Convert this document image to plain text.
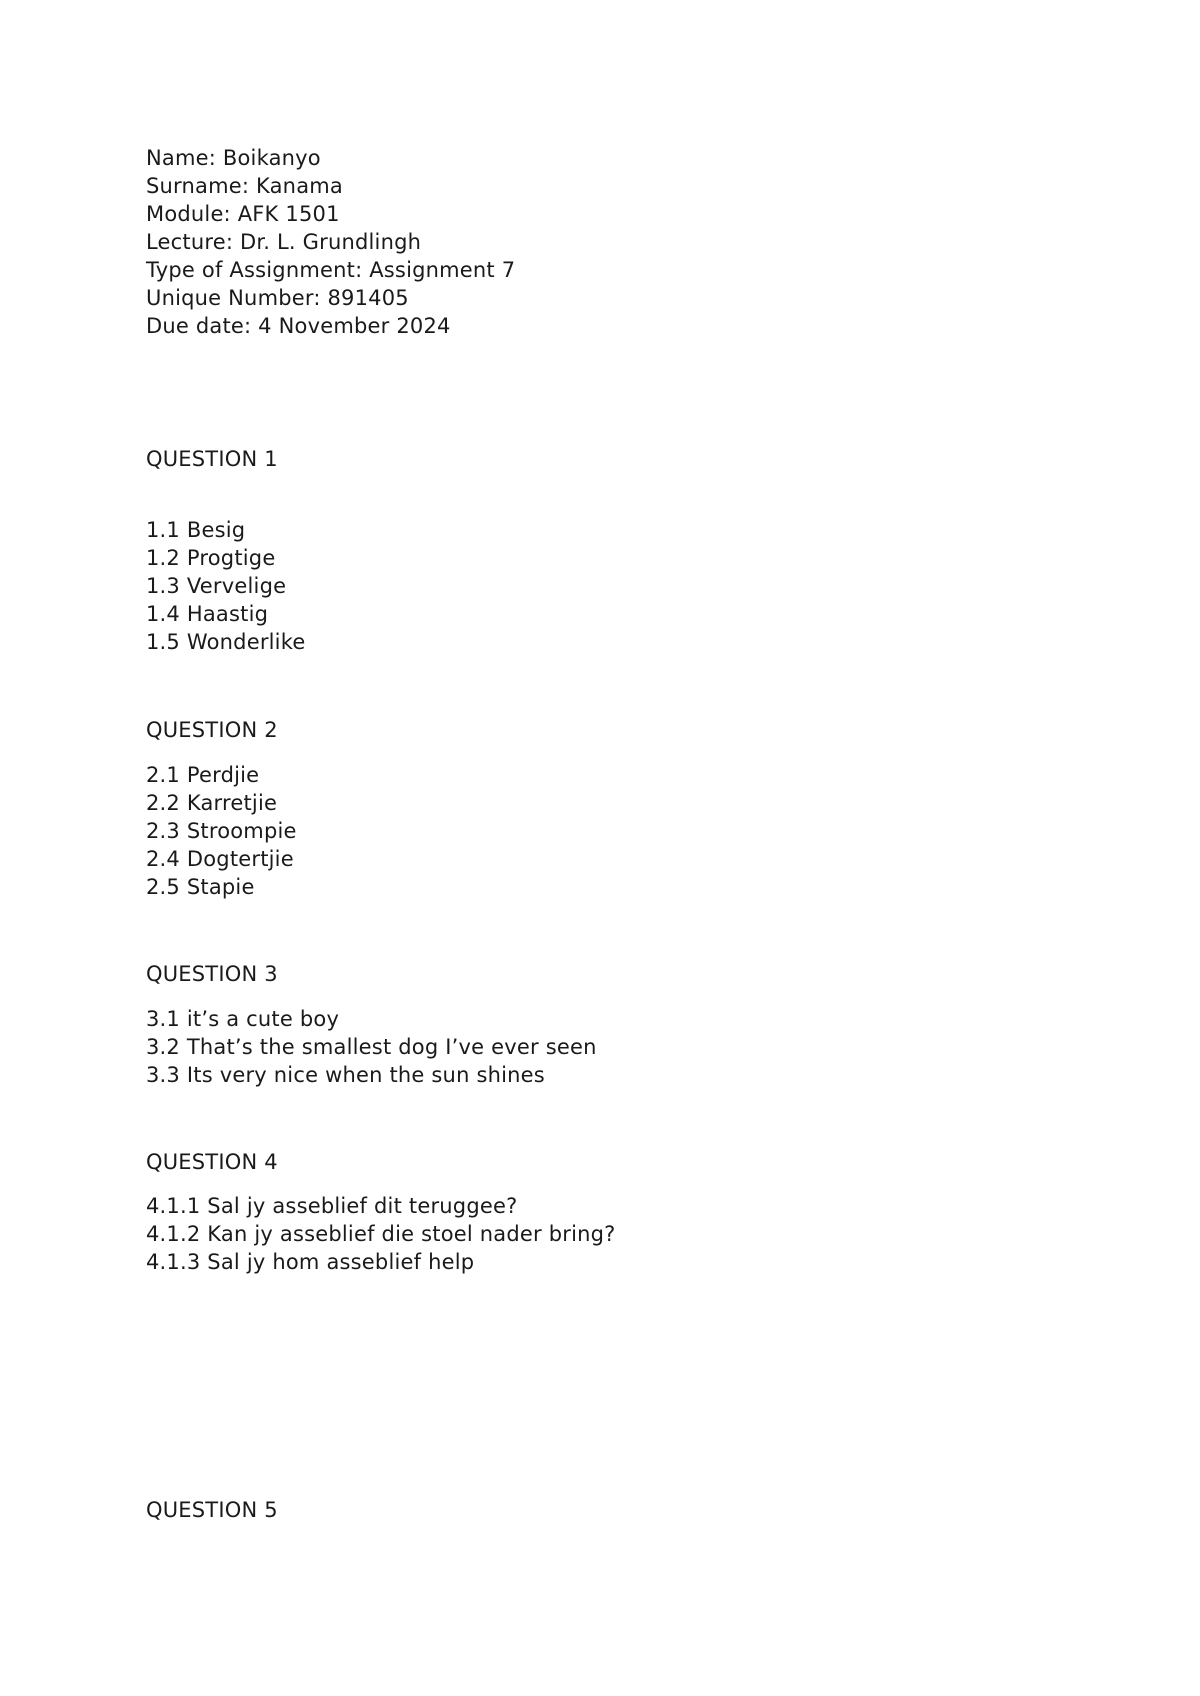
Name: Boikanyo
Surname: Kanama
Module: AFK 1501
Lecture: Dr. L. Grundlingh
Type of Assignment: Assignment 7
Unique Number: 891405
Due date: 4 November 2024
QUESTION 1
1.1 Besig
1.2 Progtige
1.3 Vervelige
1.4 Haastig
1.5 Wonderlike
QUESTION 2
2.1 Perdjie
2.2 Karretjie
2.3 Stroompie
2.4 Dogtertjie
2.5 Stapie
QUESTION 3
3.1 it’s a cute boy
3.2 That’s the smallest dog I’ve ever seen
3.3 Its very nice when the sun shines
QUESTION 4
4.1.1 Sal jy asseblief dit teruggee?
4.1.2 Kan jy asseblief die stoel nader bring?
4.1.3 Sal jy hom asseblief help
QUESTION 5
